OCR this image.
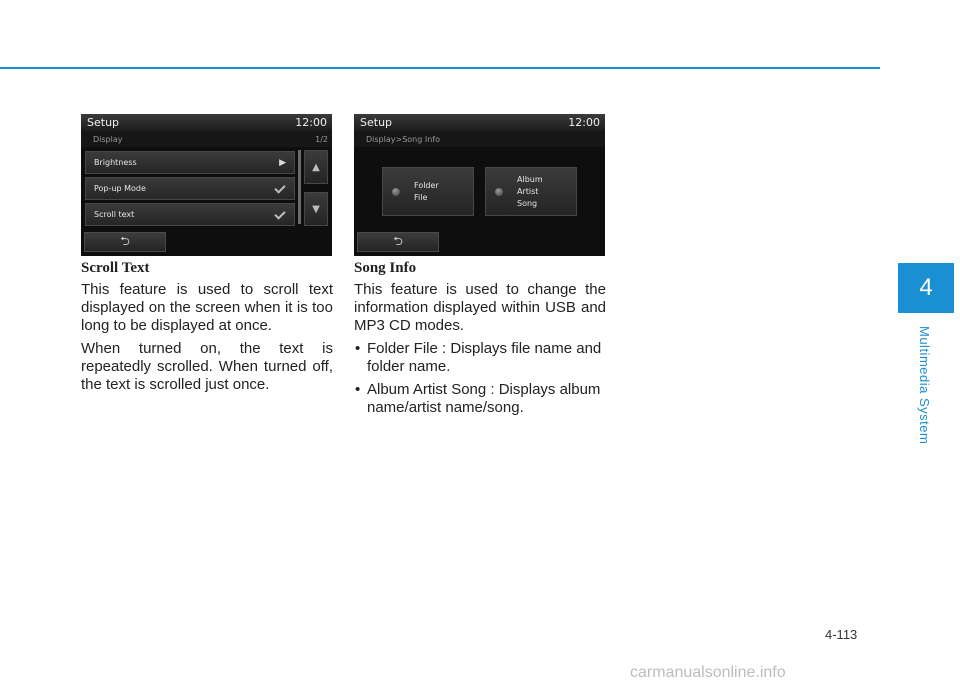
Setup	12:00
Display	1/2
Brightness	▶
Pop-up Mode
Scroll text
▲
▼
⮌
Setup	12:00
Display>Song Info
Folder
File
Album
Artist
Song
⮌
Scroll Text

This feature is used to scroll text displayed on the screen when it is too long to be displayed at once.

When turned on, the text is repeatedly scrolled. When turned off, the text is scrolled just once.

Song Info

This feature is used to change the information displayed within USB and MP3 CD modes.

• Folder File : Displays file name and folder name.
• Album Artist Song : Displays album name/artist name/song.
4
Multimedia System
4-113
carmanualsonline.info
